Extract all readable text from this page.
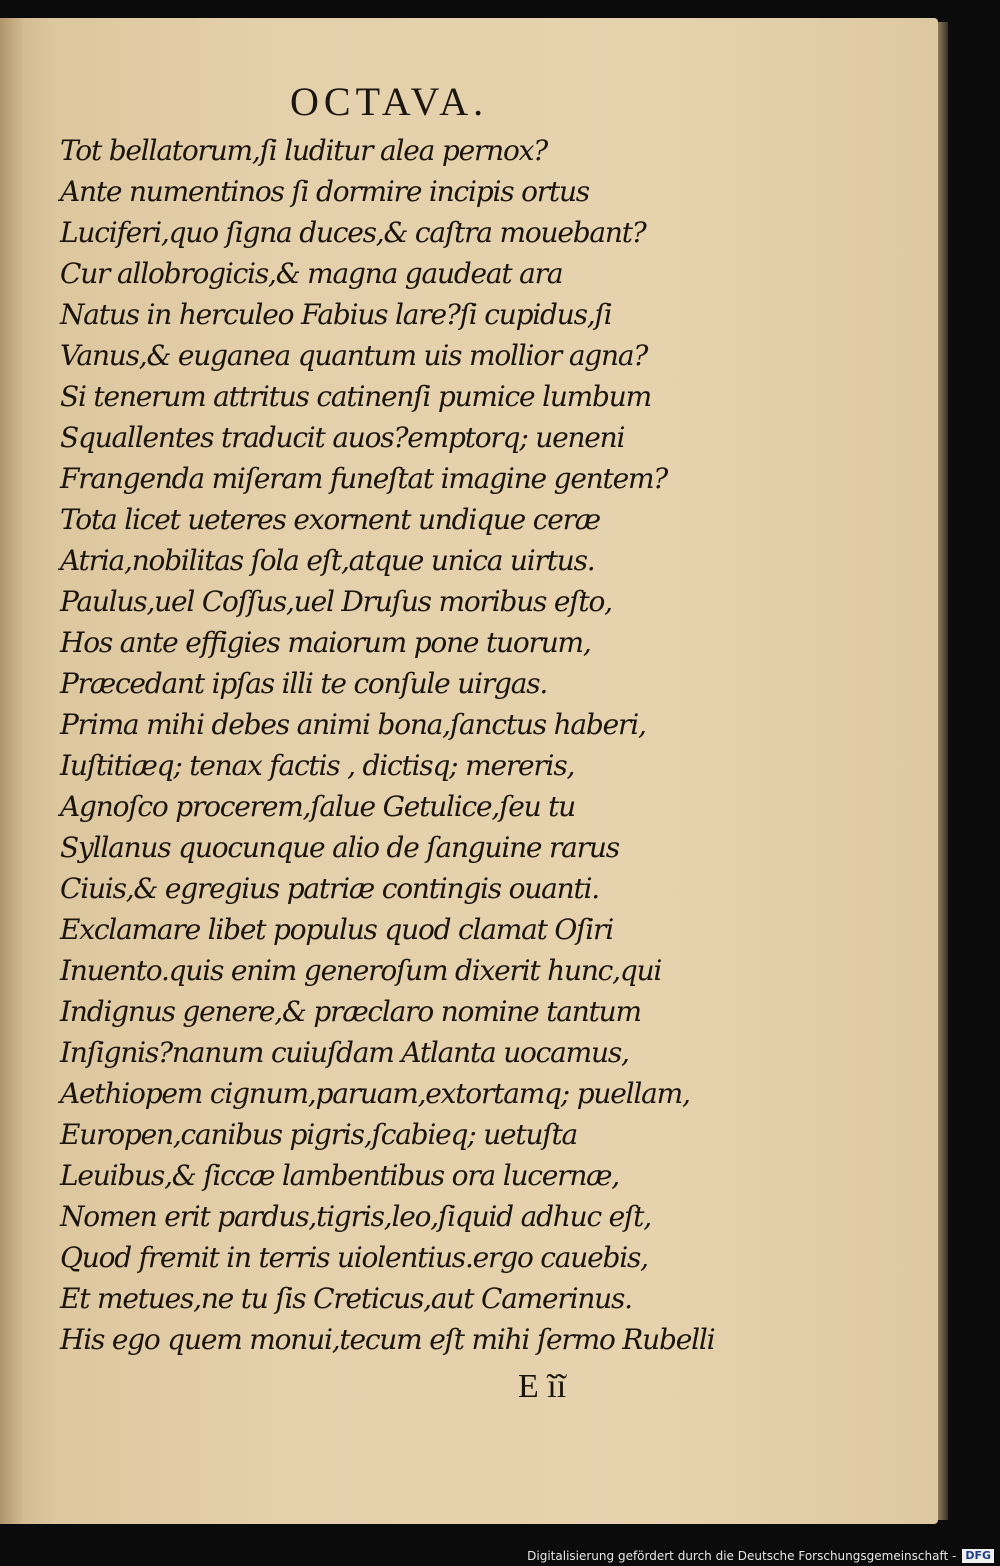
OCTAVA.
Tot bellatorum,ſi luditur alea pernox?
Ante numentinos ſi dormire incipis ortus
Luciferi,quo ſigna duces,& caſtra mouebant?
Cur allobrogicis,& magna gaudeat ara
Natus in herculeo Fabius lare?ſi cupidus,ſi
Vanus,& euganea quantum uis mollior agna?
Si tenerum attritus catinenſi pumice lumbum
Squallentes traducit auos?emptorq; ueneni
Frangenda miſeram funeſtat imagine gentem?
Tota licet ueteres exornent undique ceræ
Atria,nobilitas ſola eſt,atque unica uirtus.
Paulus,uel Coſſus,uel Druſus moribus eſto,
Hos ante effigies maiorum pone tuorum,
Præcedant ipſas illi te conſule uirgas.
Prima mihi debes animi bona,ſanctus haberi,
Iuſtitiæq; tenax factis , dictisq; mereris,
Agnoſco procerem,ſalue Getulice,ſeu tu
Syllanus quocunque alio de ſanguine rarus
Ciuis,& egregius patriæ contingis ouanti.
Exclamare libet populus quod clamat Oſiri
Inuento.quis enim generoſum dixerit hunc,qui
Indignus genere,& præclaro nomine tantum
Inſignis?nanum cuiuſdam Atlanta uocamus,
Aethiopem cignum,paruam,extortamq; puellam,
Europen,canibus pigris,ſcabieq; uetuſta
Leuibus,& ſiccæ lambentibus ora lucernæ,
Nomen erit pardus,tigris,leo,ſiquid adhuc eſt,
Quod fremit in terris uiolentius.ergo cauebis,
Et metues,ne tu ſis Creticus,aut Camerinus.
His ego quem monui,tecum eſt mihi ſermo Rubelli
E ĩĩ
Digitalisierung gefördert durch die Deutsche Forschungsgemeinschaft - DFG
